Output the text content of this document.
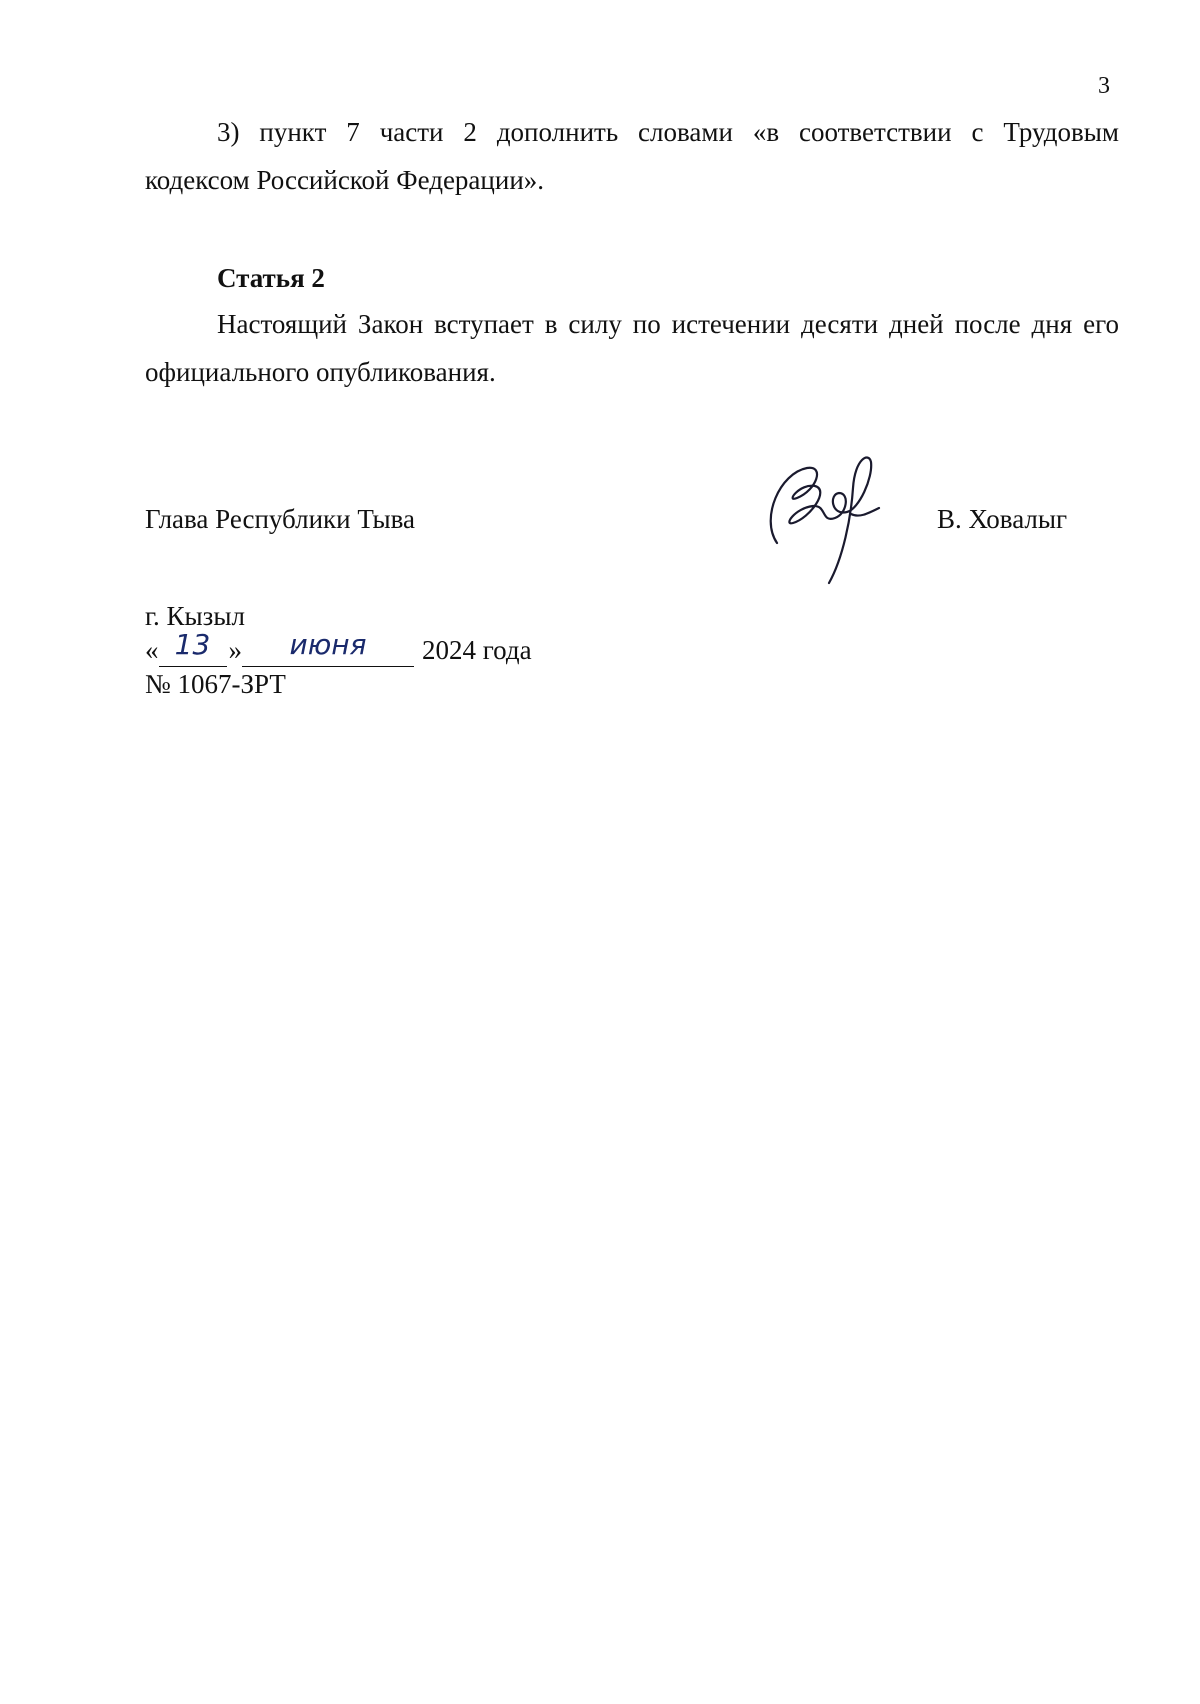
3

3) пункт 7 части 2 дополнить словами «в соответствии с Трудовым
кодексом Российской Федерации».

Статья 2

Настоящий Закон вступает в силу по истечении десяти дней после дня его
официального опубликования.

Глава Республики Тыва	В. Ховалыг
г. Кызыл
« 13 »	июня	2024 года
№ 1067-ЗРТ
